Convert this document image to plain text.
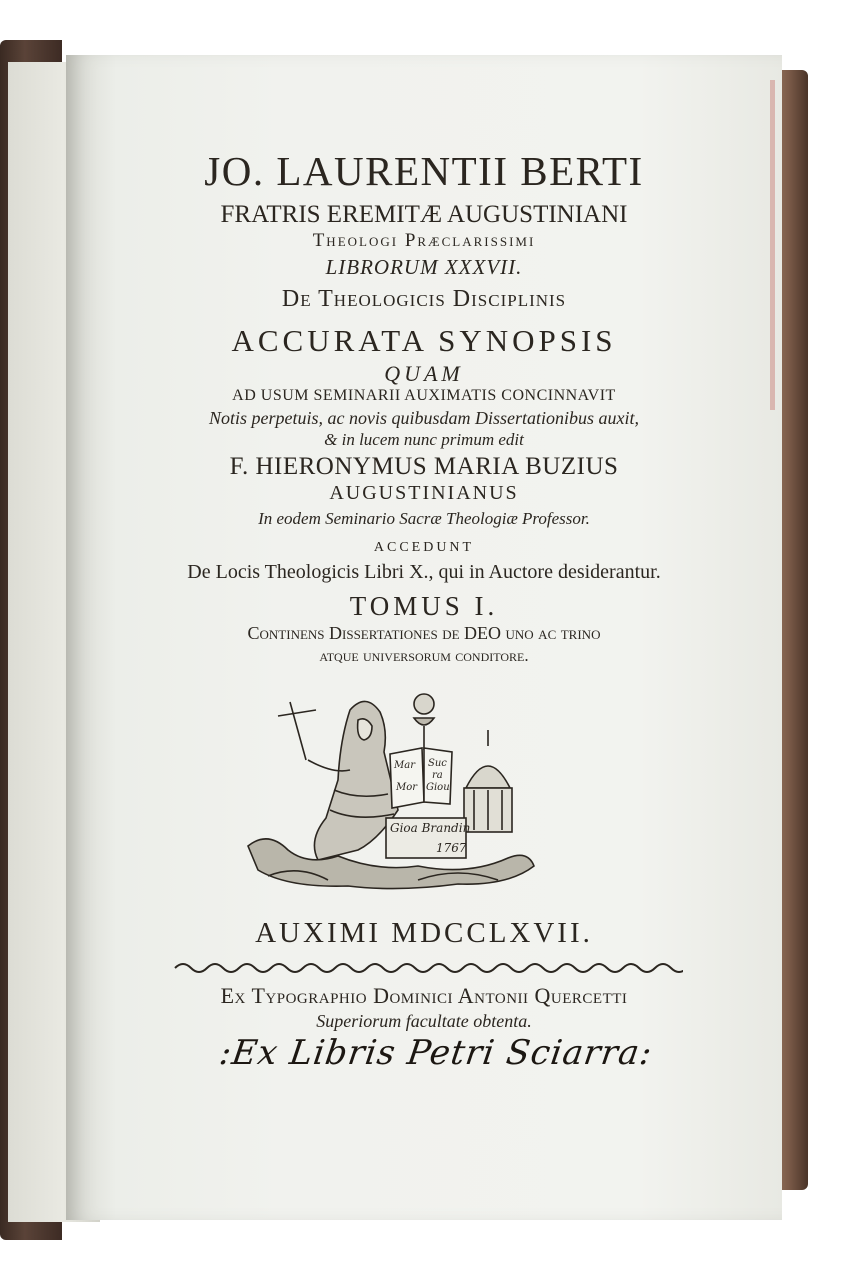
JO. LAURENTII BERTI
FRATRIS EREMITÆ AUGUSTINIANI
Theologi Præclarissimi
LIBRORUM XXXVII.
De Theologicis Disciplinis
ACCURATA SYNOPSIS
QUAM
AD USUM SEMINARII AUXIMATIS CONCINNAVIT
Notis perpetuis, ac novis quibusdam Dissertationibus auxit,
& in lucem nunc primum edit
F. HIERONYMUS MARIA BUZIUS
AUGUSTINIANUS
In eodem Seminario Sacræ Theologiæ Professor.
ACCEDUNT
De Locis Theologicis Libri X., qui in Auctore desiderantur.
TOMUS I.
Continens Dissertationes de DEO uno ac trino
atque universorum conditore.
Mar Suc
ra
Mor Giou
Gioa Brandin
1767
AUXIMI MDCCLXVII.
Ex Typographio Dominici Antonii Quercetti
Superiorum facultate obtenta.
:Ex Libris Petri Sciarra:
